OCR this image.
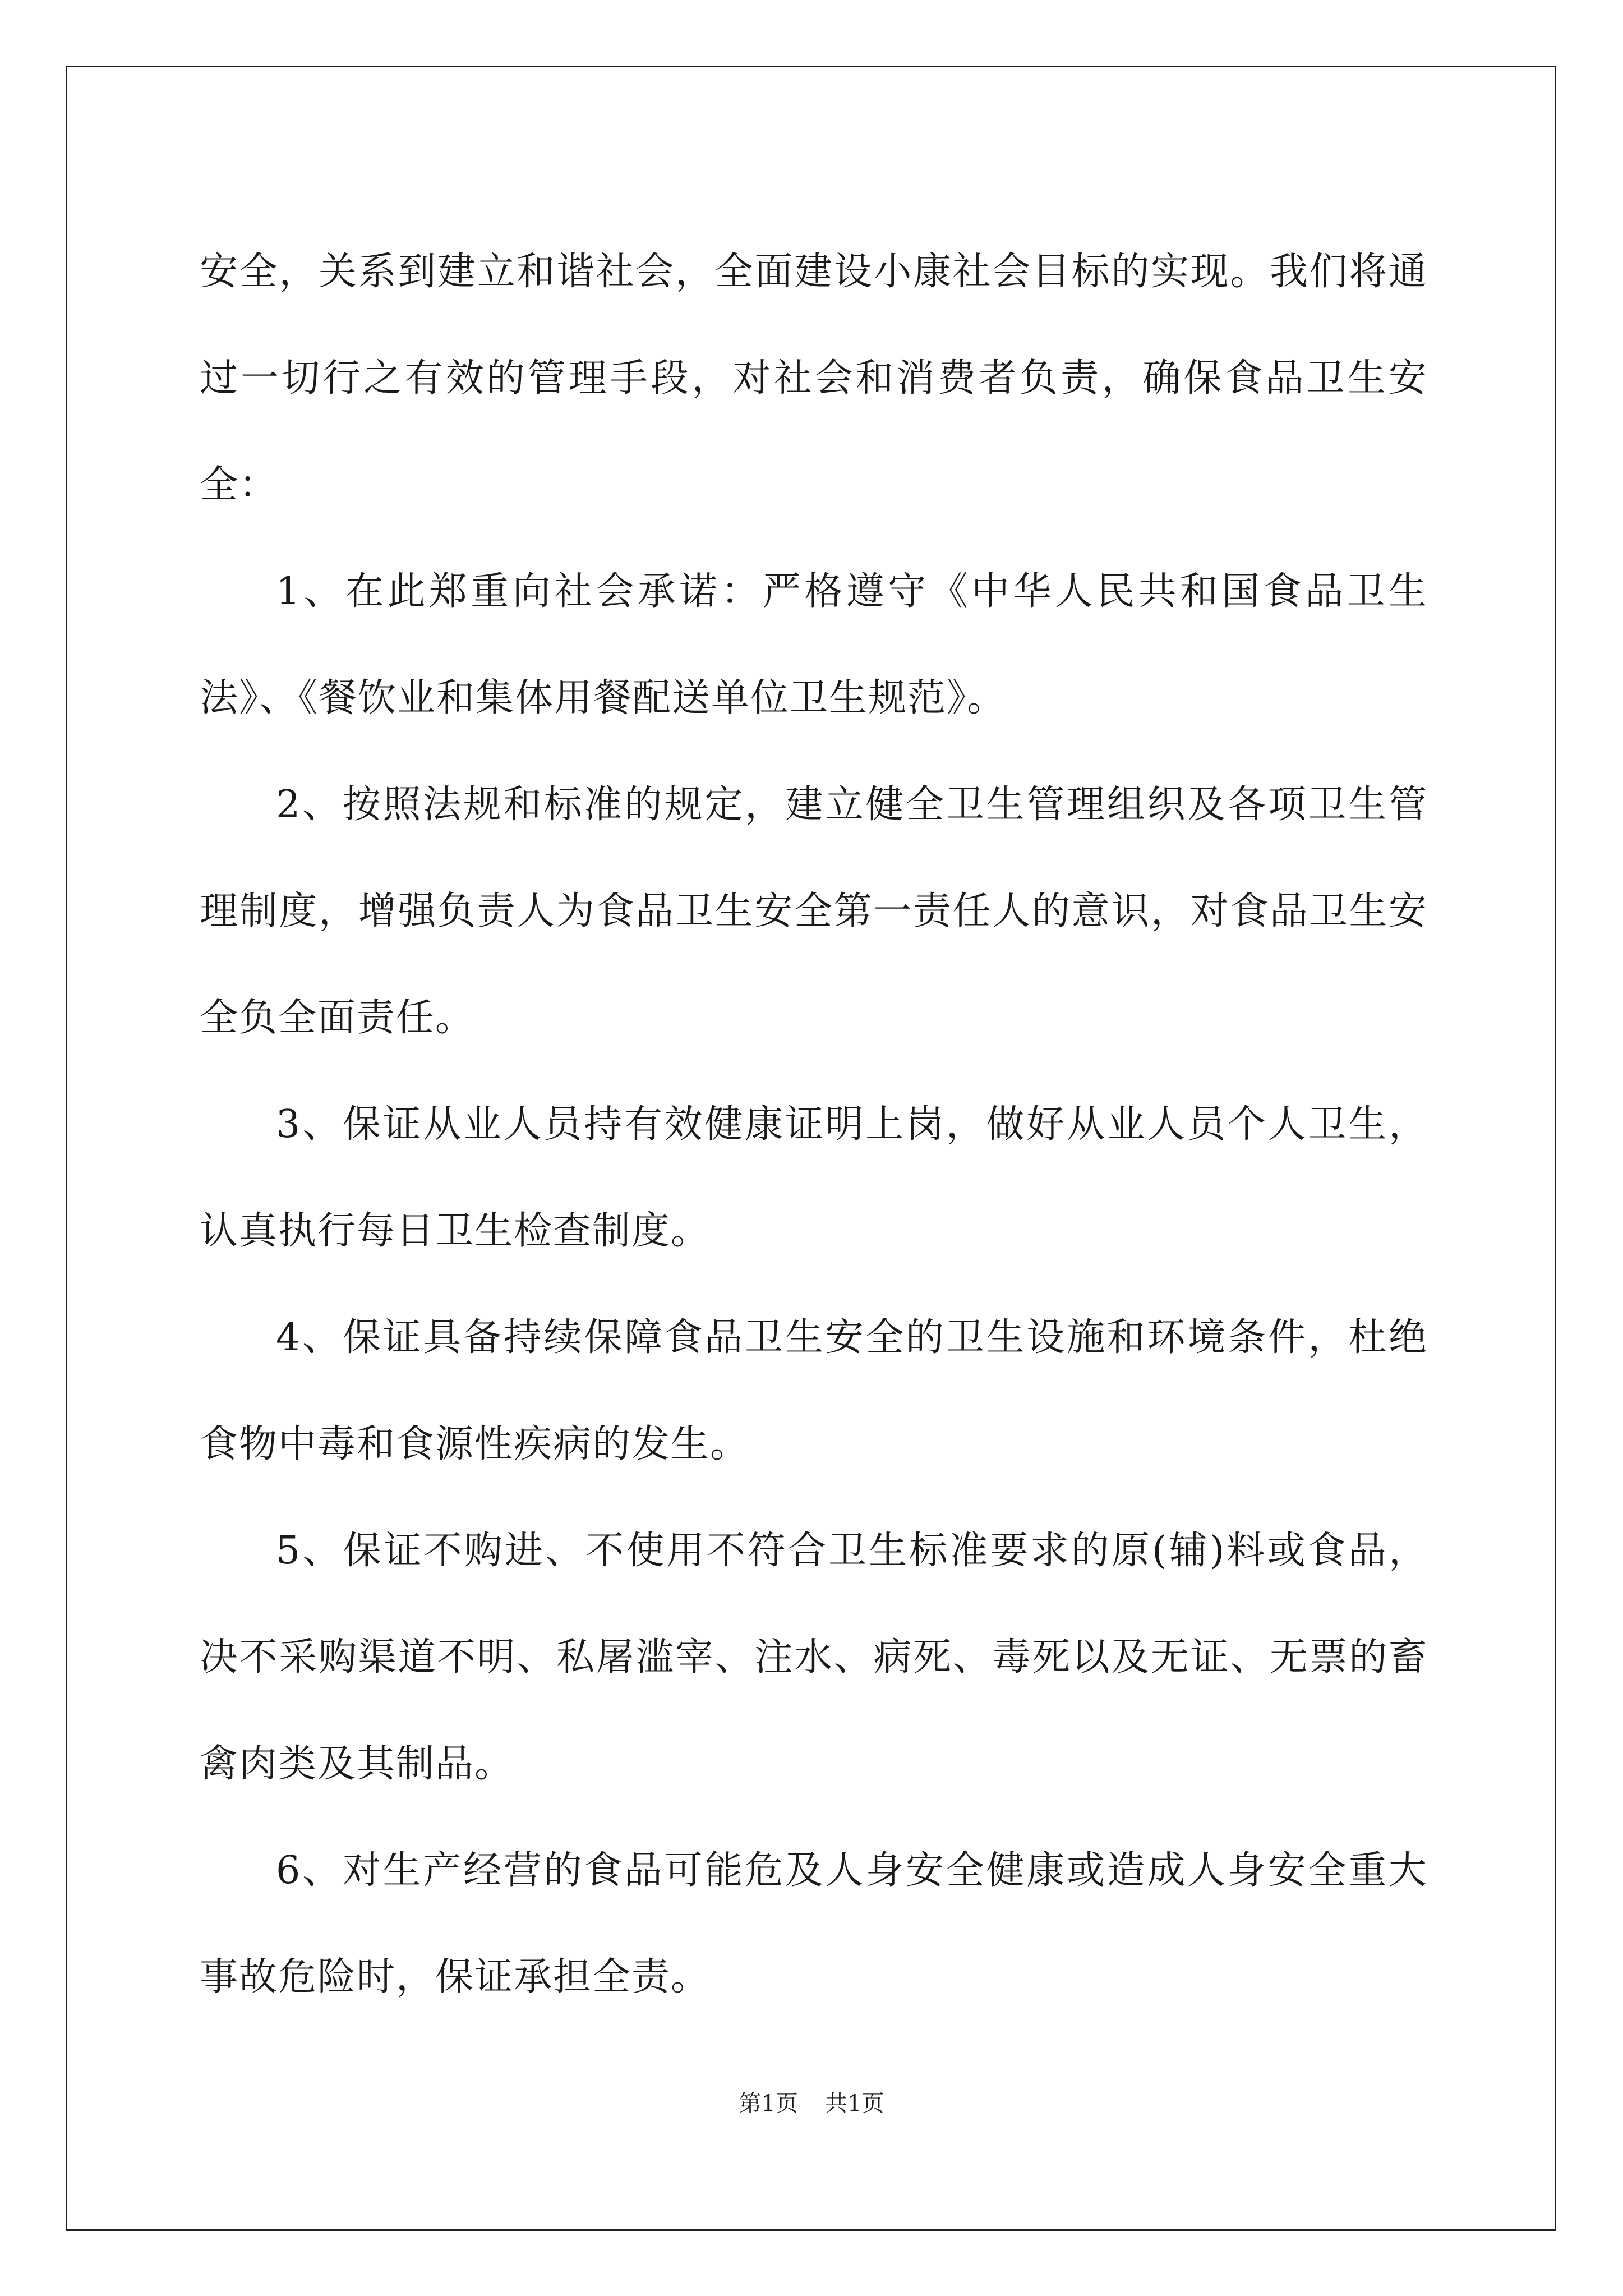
安全，关系到建立和谐社会，全面建设小康社会目标的实现。我们将通过一切行之有效的管理手段，对社会和消费者负责，确保食品卫生安全：

1、在此郑重向社会承诺：严格遵守《中华人民共和国食品卫生法》、《餐饮业和集体用餐配送单位卫生规范》。

2、按照法规和标准的规定，建立健全卫生管理组织及各项卫生管理制度，增强负责人为食品卫生安全第一责任人的意识，对食品卫生安全负全面责任。

3、保证从业人员持有效健康证明上岗，做好从业人员个人卫生，认真执行每日卫生检查制度。

4、保证具备持续保障食品卫生安全的卫生设施和环境条件，杜绝食物中毒和食源性疾病的发生。

5、保证不购进、不使用不符合卫生标准要求的原(辅)料或食品，决不采购渠道不明、私屠滥宰、注水、病死、毒死以及无证、无票的畜禽肉类及其制品。

6、对生产经营的食品可能危及人身安全健康或造成人身安全重大事故危险时，保证承担全责。

第1页 共1页
